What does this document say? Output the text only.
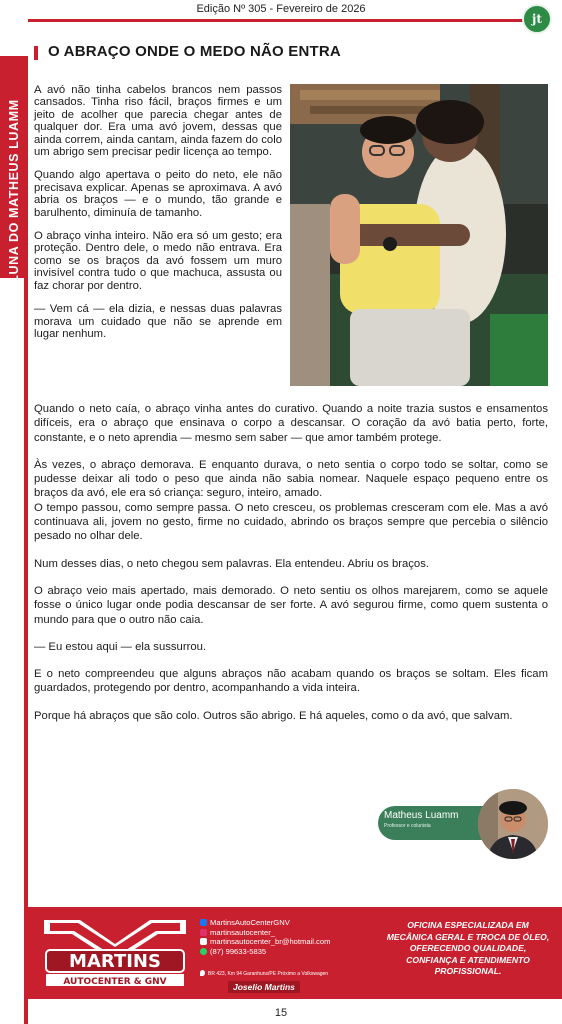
Edição Nº 305 - Fevereiro de 2026
jt
COLUNA DO MATHEUS LUAMM
O ABRAÇO ONDE O MEDO NÃO ENTRA

A avó não tinha cabelos brancos nem passos cansados. Tinha riso fácil, braços firmes e um jeito de acolher que parecia chegar antes de qualquer dor. Era uma avó jovem, dessas que ainda correm, ainda cantam, ainda fazem do colo um abrigo sem precisar pedir licença ao tempo.

Quando algo apertava o peito do neto, ele não precisava explicar. Apenas se aproximava. A avó abria os braços — e o mundo, tão grande e barulhento, diminuía de tamanho.

O abraço vinha inteiro. Não era só um gesto; era proteção. Dentro dele, o medo não entrava. Era como se os braços da avó fossem um muro invisível contra tudo o que machuca, assusta ou faz chorar por dentro.

— Vem cá — ela dizia, e nessas duas palavras morava um cuidado que não se aprende em lugar nenhum.

Quando o neto caía, o abraço vinha antes do curativo. Quando a noite trazia sustos e ensamentos difíceis, era o abraço que ensinava o corpo a descansar. O coração da avó batia perto, forte, constante, e o neto aprendia — mesmo sem saber — que amor também protege.

Às vezes, o abraço demorava. E enquanto durava, o neto sentia o corpo todo se soltar, como se pudesse deixar ali todo o peso que ainda não sabia nomear. Naquele espaço pequeno entre os braços da avó, ele era só criança: seguro, inteiro, amado.
O tempo passou, como sempre passa. O neto cresceu, os problemas cresceram com ele. Mas a avó continuava ali, jovem no gesto, firme no cuidado, abrindo os braços sempre que percebia o silêncio pesado no olhar dele.

Num desses dias, o neto chegou sem palavras. Ela entendeu. Abriu os braços.

O abraço veio mais apertado, mais demorado. O neto sentiu os olhos marejarem, como se aquele fosse o único lugar onde podia descansar de ser forte. A avó segurou firme, como quem sustenta o mundo para que o outro não caia.

— Eu estou aqui — ela sussurrou.

E o neto compreendeu que alguns abraços não acabam quando os braços se soltam. Eles ficam guardados, protegendo por dentro, acompanhando a vida inteira.

Porque há abraços que são colo. Outros são abrigo. E há aqueles, como o da avó, que salvam.

Matheus Luamm
Professor e colunista
MARTINS
AUTOCENTER & GNV
MartinsAutoCenterGNV
martinsautocenter_
martinsautocenter_br@hotmail.com
(87) 99633-5835
BR 423, Km 94 Garanhuns/PE Próximo a Volkswagen
Joselio Martins
OFICINA ESPECIALIZADA EM MECÂNICA GERAL E TROCA DE ÓLEO, OFERECENDO QUALIDADE, CONFIANÇA E ATENDIMENTO PROFISSIONAL.
15
